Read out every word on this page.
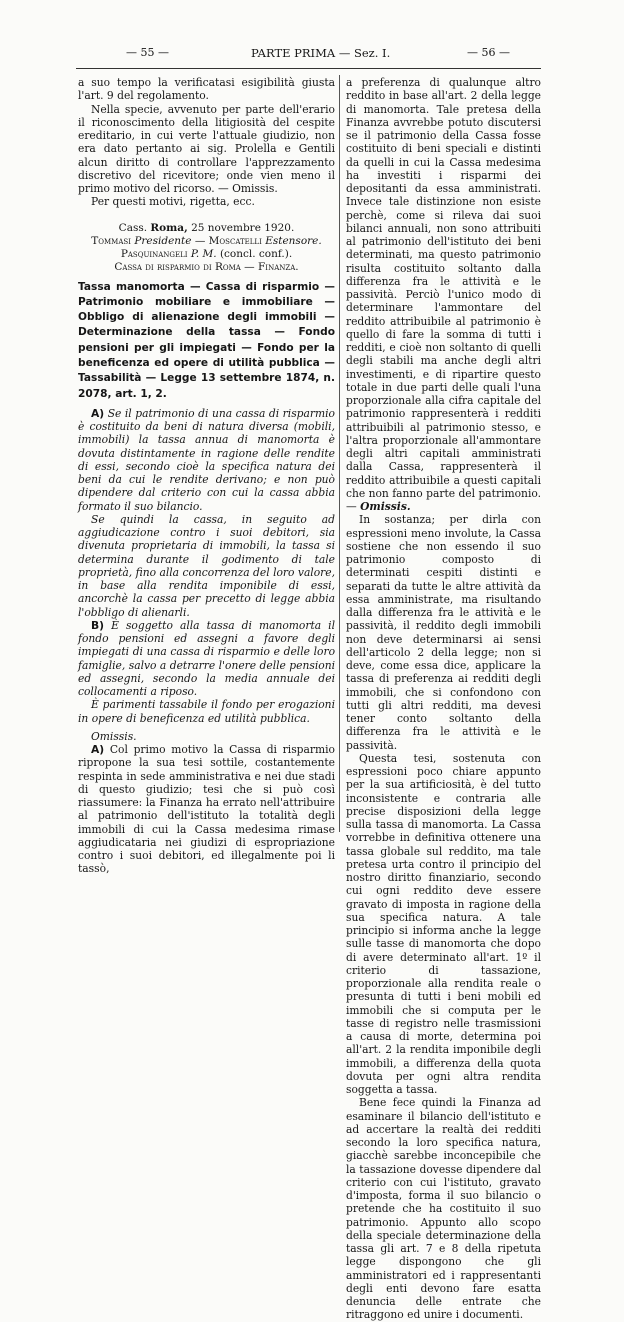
— 55 —	PARTE PRIMA — Sez. I.	— 56 —

a suo tempo la verificatasi esigibilità giusta l'art. 9 del regolamento.

Nella specie, avvenuto per parte dell'erario il riconoscimento della litigiosità del cespite ereditario, in cui verte l'attuale giudizio, non era dato pertanto ai sig. Prolella e Gentili alcun diritto di controllare l'apprezzamento discretivo del ricevitore; onde vien meno il primo motivo del ricorso. — Omissis.

Per questi motivi, rigetta, ecc.

Cass. Roma, 25 novembre 1920.
Tommasi Presidente — Moscatelli Estensore.
Pasquinangeli P. M. (concl. conf.).
Cassa di risparmio di Roma — Finanza.

Tassa manomorta — Cassa di risparmio — Patrimonio mobiliare e immobiliare — Obbligo di alienazione degli immobili — Determinazione della tassa — Fondo pensioni per gli impiegati — Fondo per la beneficenza ed opere di utilità pubblica — Tassabilità — Legge 13 settembre 1874, n. 2078, art. 1, 2.

A) Se il patrimonio di una cassa di risparmio è costituito da beni di natura diversa (mobili, immobili) la tassa annua di manomorta è dovuta distintamente in ragione delle rendite di essi, secondo cioè la specifica natura dei beni da cui le rendite derivano; e non può dipendere dal criterio con cui la cassa abbia formato il suo bilancio.

Se quindi la cassa, in seguito ad aggiudicazione contro i suoi debitori, sia divenuta proprietaria di immobili, la tassa si determina durante il godimento di tale proprietà, fino alla concorrenza del loro valore, in base alla rendita imponibile di essi, ancorchè la cassa per precetto di legge abbia l'obbligo di alienarli.

B) È soggetto alla tassa di manomorta il fondo pensioni ed assegni a favore degli impiegati di una cassa di risparmio e delle loro famiglie, salvo a detrarre l'onere delle pensioni ed assegni, secondo la media annuale dei collocamenti a riposo.

È parimenti tassabile il fondo per erogazioni in opere di beneficenza ed utilità pubblica.

Omissis.

A) Col primo motivo la Cassa di risparmio ripropone la sua tesi sottile, costantemente respinta in sede amministrativa e nei due stadi di questo giudizio; tesi che si può così riassumere: la Finanza ha errato nell'attribuire al patrimonio dell'istituto la totalità degli immobili di cui la Cassa medesima rimase aggiudicataria nei giudizi di espropriazione contro i suoi debitori, ed illegalmente poi li tassò,

a preferenza di qualunque altro reddito in base all'art. 2 della legge di manomorta. Tale pretesa della Finanza avvrebbe potuto discutersi se il patrimonio della Cassa fosse costituito di beni speciali e distinti da quelli in cui la Cassa medesima ha investiti i risparmi dei depositanti da essa amministrati. Invece tale distinzione non esiste perchè, come si rileva dai suoi bilanci annuali, non sono attribuiti al patrimonio dell'istituto dei beni determinati, ma questo patrimonio risulta costituito soltanto dalla differenza fra le attività e le passività. Perciò l'unico modo di determinare l'ammontare del reddito attribuibile al patrimonio è quello di fare la somma di tutti i redditi, e cioè non soltanto di quelli degli stabili ma anche degli altri investimenti, e di ripartire questo totale in due parti delle quali l'una proporzionale alla cifra capitale del patrimonio rappresenterà i redditi attribuibili al patrimonio stesso, e l'altra proporzionale all'ammontare degli altri capitali amministrati dalla Cassa, rappresenterà il reddito attribuibile a questi capitali che non fanno parte del patrimonio. — Omissis.

In sostanza; per dirla con espressioni meno involute, la Cassa sostiene che non essendo il suo patrimonio composto di determinati cespiti distinti e separati da tutte le altre attività da essa amministrate, ma risultando dalla differenza fra le attività e le passività, il reddito degli immobili non deve determinarsi ai sensi dell'articolo 2 della legge; non si deve, come essa dice, applicare la tassa di preferenza ai redditi degli immobili, che si confondono con tutti gli altri redditi, ma devesi tener conto soltanto della differenza fra le attività e le passività.

Questa tesi, sostenuta con espressioni poco chiare appunto per la sua artificiosità, è del tutto inconsistente e contraria alle precise disposizioni della legge sulla tassa di manomorta. La Cassa vorrebbe in definitiva ottenere una tassa globale sul reddito, ma tale pretesa urta contro il principio del nostro diritto finanziario, secondo cui ogni reddito deve essere gravato di imposta in ragione della sua specifica natura. A tale principio si informa anche la legge sulle tasse di manomorta che dopo di avere determinato all'art. 1º il criterio di tassazione, proporzionale alla rendita reale o presunta di tutti i beni mobili ed immobili che si computa per le tasse di registro nelle trasmissioni a causa di morte, determina poi all'art. 2 la rendita imponibile degli immobili, a differenza della quota dovuta per ogni altra rendita soggetta a tassa.

Bene fece quindi la Finanza ad esaminare il bilancio dell'istituto e ad accertare la realtà dei redditi secondo la loro specifica natura, giacchè sarebbe inconcepibile che la tassazione dovesse dipendere dal criterio con cui l'istituto, gravato d'imposta, forma il suo bilancio o pretende che ha costituito il suo patrimonio. Appunto allo scopo della speciale determinazione della tassa gli art. 7 e 8 della ripetuta legge dispongono che gli amministratori ed i rappresentanti degli enti devono fare esatta denuncia delle entrate che ritraggono ed unire i documenti.
